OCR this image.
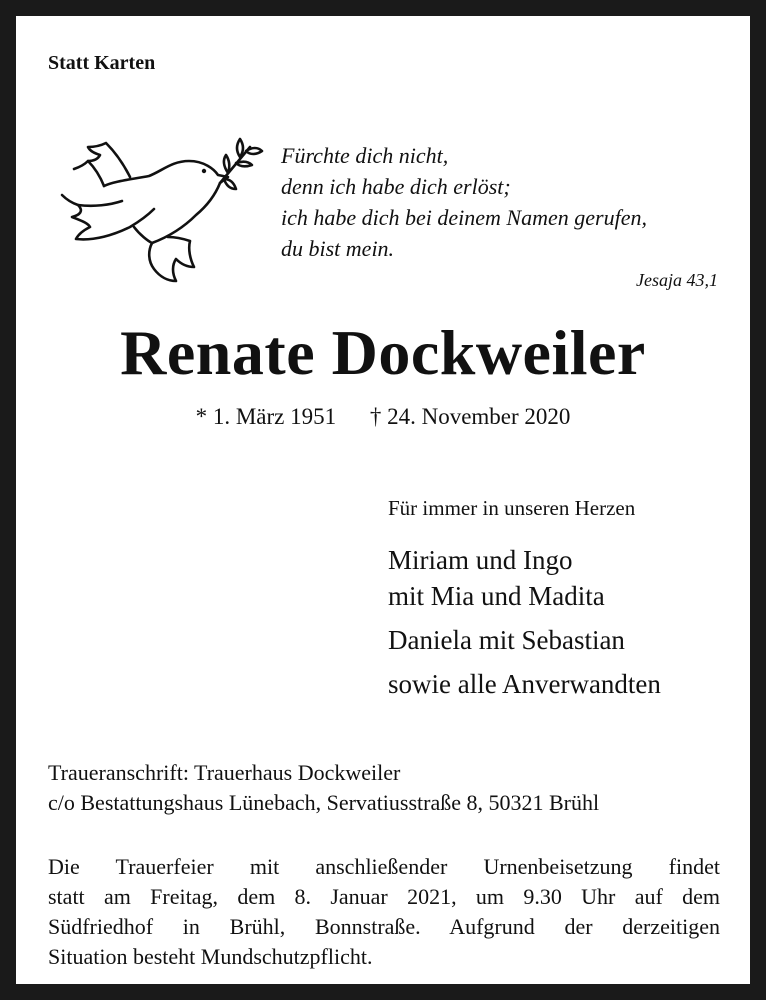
Statt Karten
Fürchte dich nicht,
denn ich habe dich erlöst;
ich habe dich bei deinem Namen gerufen,
du bist mein.
Jesaja 43,1
Renate Dockweiler
* 1. März 1951 † 24. November 2020
Für immer in unseren Herzen
Miriam und Ingo
mit Mia und Madita
Daniela mit Sebastian
sowie alle Anverwandten
Traueranschrift: Trauerhaus Dockweiler
c/o Bestattungshaus Lünebach, Servatiusstraße 8, 50321 Brühl
Die Trauerfeier mit anschließender Urnenbeisetzung findet
statt am Freitag, dem 8. Januar 2021, um 9.30 Uhr auf dem
Südfriedhof in Brühl, Bonnstraße. Aufgrund der derzeitigen
Situation besteht Mundschutzpflicht.
